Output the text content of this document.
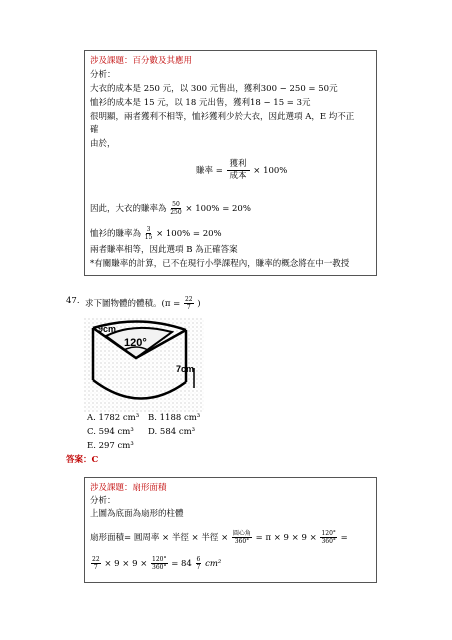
涉及課題：百分數及其應用
分析：
大衣的成本是 250 元，以 300 元售出，獲利300 − 250 = 50元
恤衫的成本是 15 元，以 18 元出售，獲利18 − 15 = 3元
很明顯，兩者獲利不相等，恤衫獲利少於大衣，因此選項 A，E 均不正
確
由於，
賺率 = $\frac{\text{獲利}}{\text{成本}} \times 100\%$
因此，大衣的賺率為 $\frac{50}{250} \times 100\% = 20\%$
恤衫的賺率為 $\frac{3}{15} \times 100\% = 20\%$
兩者賺率相等，因此選項 B 為正確答案
*有關賺率的計算，已不在現行小學課程內，賺率的概念將在中一教授
47. 求下圖物體的體積。($\pi = \frac{22}{7}$ )
9cm
120°
7cm
A. 1782 cm³ B. 1188 cm³
C. 594 cm³ D. 584 cm³
E. 297 cm³
答案：C
涉及課題：扇形面積
分析：
上圖為底面為扇形的柱體
扇形面積= 圓周率 × 半徑 × 半徑 × $\frac{\text{圓心角}}{360^\circ} = \pi \times 9 \times 9 \times \frac{120^\circ}{360^\circ}$ =
$\frac{22}{7} \times 9 \times 9 \times \frac{120^\circ}{360^\circ} = 84 \frac{6}{7} cm^2$
